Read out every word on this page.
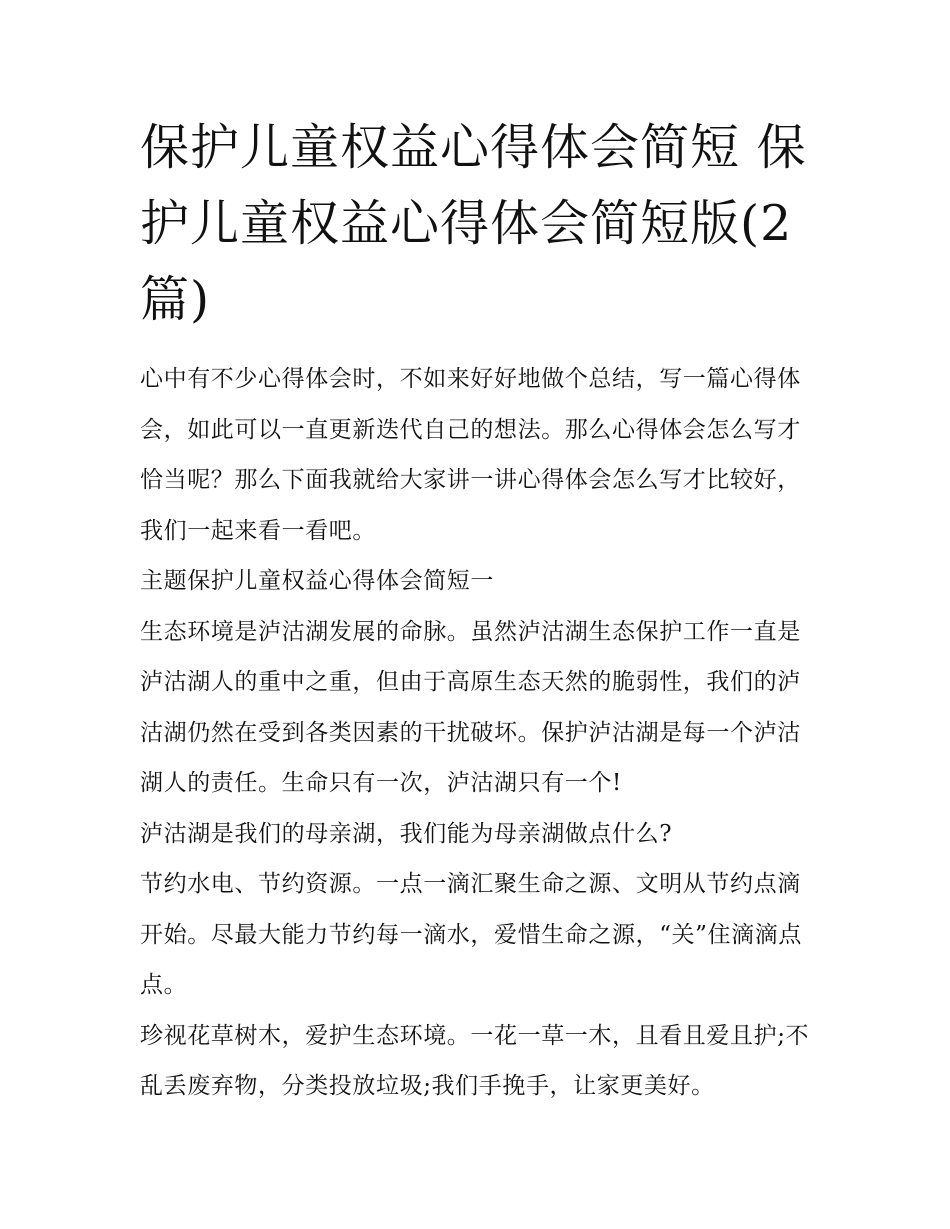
保护儿童权益心得体会简短 保护儿童权益心得体会简短版(2篇)

心中有不少心得体会时，不如来好好地做个总结，写一篇心得体会，如此可以一直更新迭代自己的想法。那么心得体会怎么写才恰当呢？那么下面我就给大家讲一讲心得体会怎么写才比较好，我们一起来看一看吧。

主题保护儿童权益心得体会简短一

生态环境是泸沽湖发展的命脉。虽然泸沽湖生态保护工作一直是泸沽湖人的重中之重，但由于高原生态天然的脆弱性，我们的泸沽湖仍然在受到各类因素的干扰破坏。保护泸沽湖是每一个泸沽湖人的责任。生命只有一次，泸沽湖只有一个!

泸沽湖是我们的母亲湖，我们能为母亲湖做点什么?

节约水电、节约资源。一点一滴汇聚生命之源、文明从节约点滴开始。尽最大能力节约每一滴水，爱惜生命之源，“关”住滴滴点点。

珍视花草树木，爱护生态环境。一花一草一木，且看且爱且护;不乱丢废弃物，分类投放垃圾;我们手挽手，让家更美好。
